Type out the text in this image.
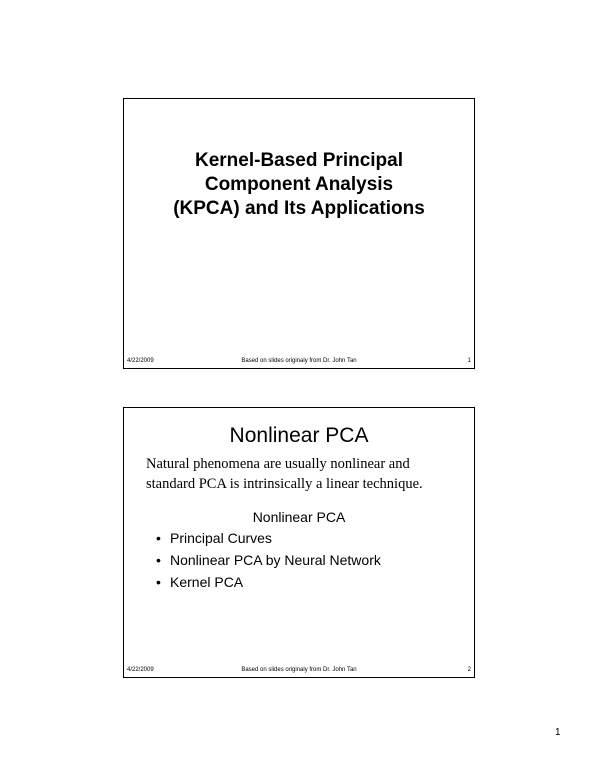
Kernel-Based Principal
Component Analysis
(KPCA) and Its Applications
4/22/2009	Based on slides originaly from Dr. John Tan	1
Nonlinear PCA
Natural phenomena are usually nonlinear and
standard PCA is intrinsically a linear technique.
Nonlinear PCA
• Principal Curves
• Nonlinear PCA by Neural Network
• Kernel PCA
4/22/2009	Based on slides originaly from Dr. John Tan	2
1
